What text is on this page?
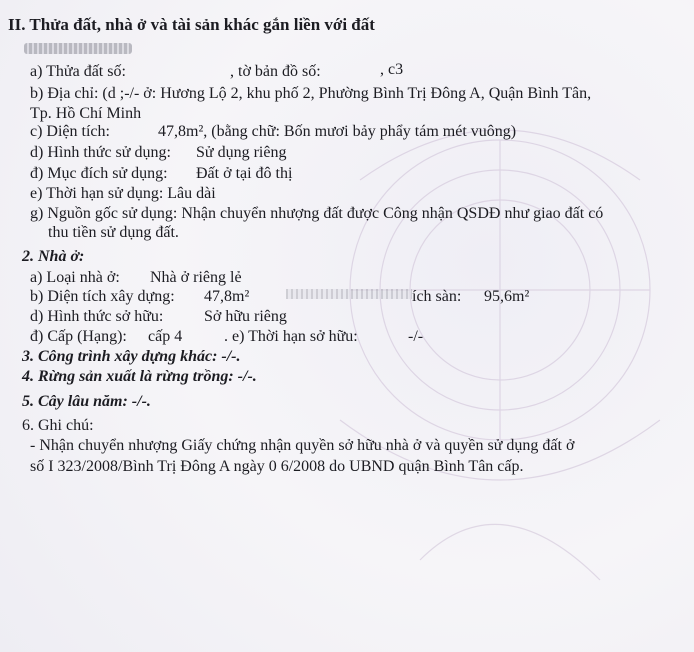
II. Thửa đất, nhà ở và tài sản khác gắn liền với đất
a) Thửa đất số:	, tờ bản đồ số:	, c3
b) Địa chỉ: (d ;-/- ở: Hương Lộ 2, khu phố 2, Phường Bình Trị Đông A, Quận Bình Tân,
Tp. Hồ Chí Minh
c) Diện tích:	47,8m², (bằng chữ: Bốn mươi bảy phẩy tám mét vuông)
d) Hình thức sử dụng: Sử dụng riêng
đ) Mục đích sử dụng: Đất ở tại đô thị
e) Thời hạn sử dụng: Lâu dài
g) Nguồn gốc sử dụng: Nhận chuyển nhượng đất được Công nhận QSDĐ như giao đất có
thu tiền sử dụng đất.
2. Nhà ở:
a) Loại nhà ở: Nhà ở riêng lẻ
b) Diện tích xây dựng: 47,8m²	ích sàn: 95,6m²
d) Hình thức sở hữu:	Sở hữu riêng
đ) Cấp (Hạng): cấp 4	. e) Thời hạn sở hữu:	-/-
3. Công trình xây dựng khác: -/-.
4. Rừng sản xuất là rừng trồng: -/-.
5. Cây lâu năm: -/-.
6. Ghi chú:
- Nhận chuyển nhượng Giấy chứng nhận quyền sở hữu nhà ở và quyền sử dụng đất ở
số I 323/2008/Bình Trị Đông A ngày 0 6/2008 do UBND quận Bình Tân cấp.
